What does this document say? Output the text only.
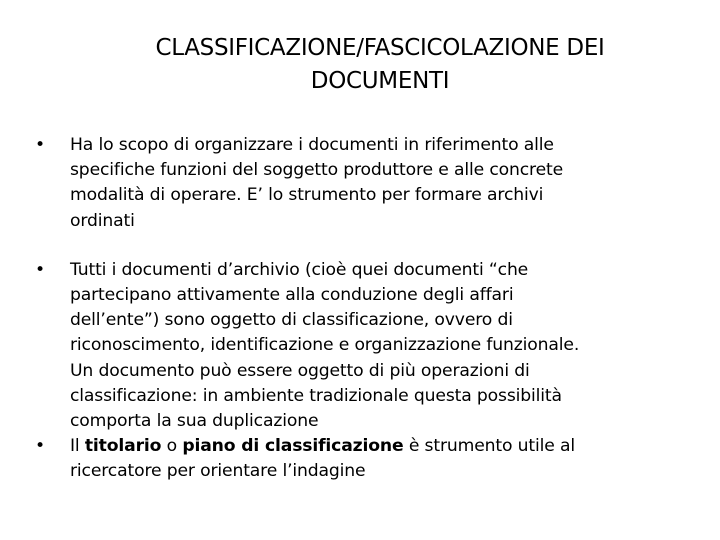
CLASSIFICAZIONE/FASCICOLAZIONE DEI
DOCUMENTI
•	Ha lo scopo di organizzare i documenti in riferimento alle
specifiche funzioni del soggetto produttore e alle concrete
modalità di operare. E’ lo strumento per formare archivi
ordinati
•	Tutti i documenti d’archivio (cioè quei documenti “che
partecipano attivamente alla conduzione degli affari
dell’ente”) sono oggetto di classificazione, ovvero di
riconoscimento, identificazione e organizzazione funzionale.
Un documento può essere oggetto di più operazioni di
classificazione: in ambiente tradizionale questa possibilità
comporta la sua duplicazione
•	Il titolario o piano di classificazione è strumento utile al
ricercatore per orientare l’indagine
